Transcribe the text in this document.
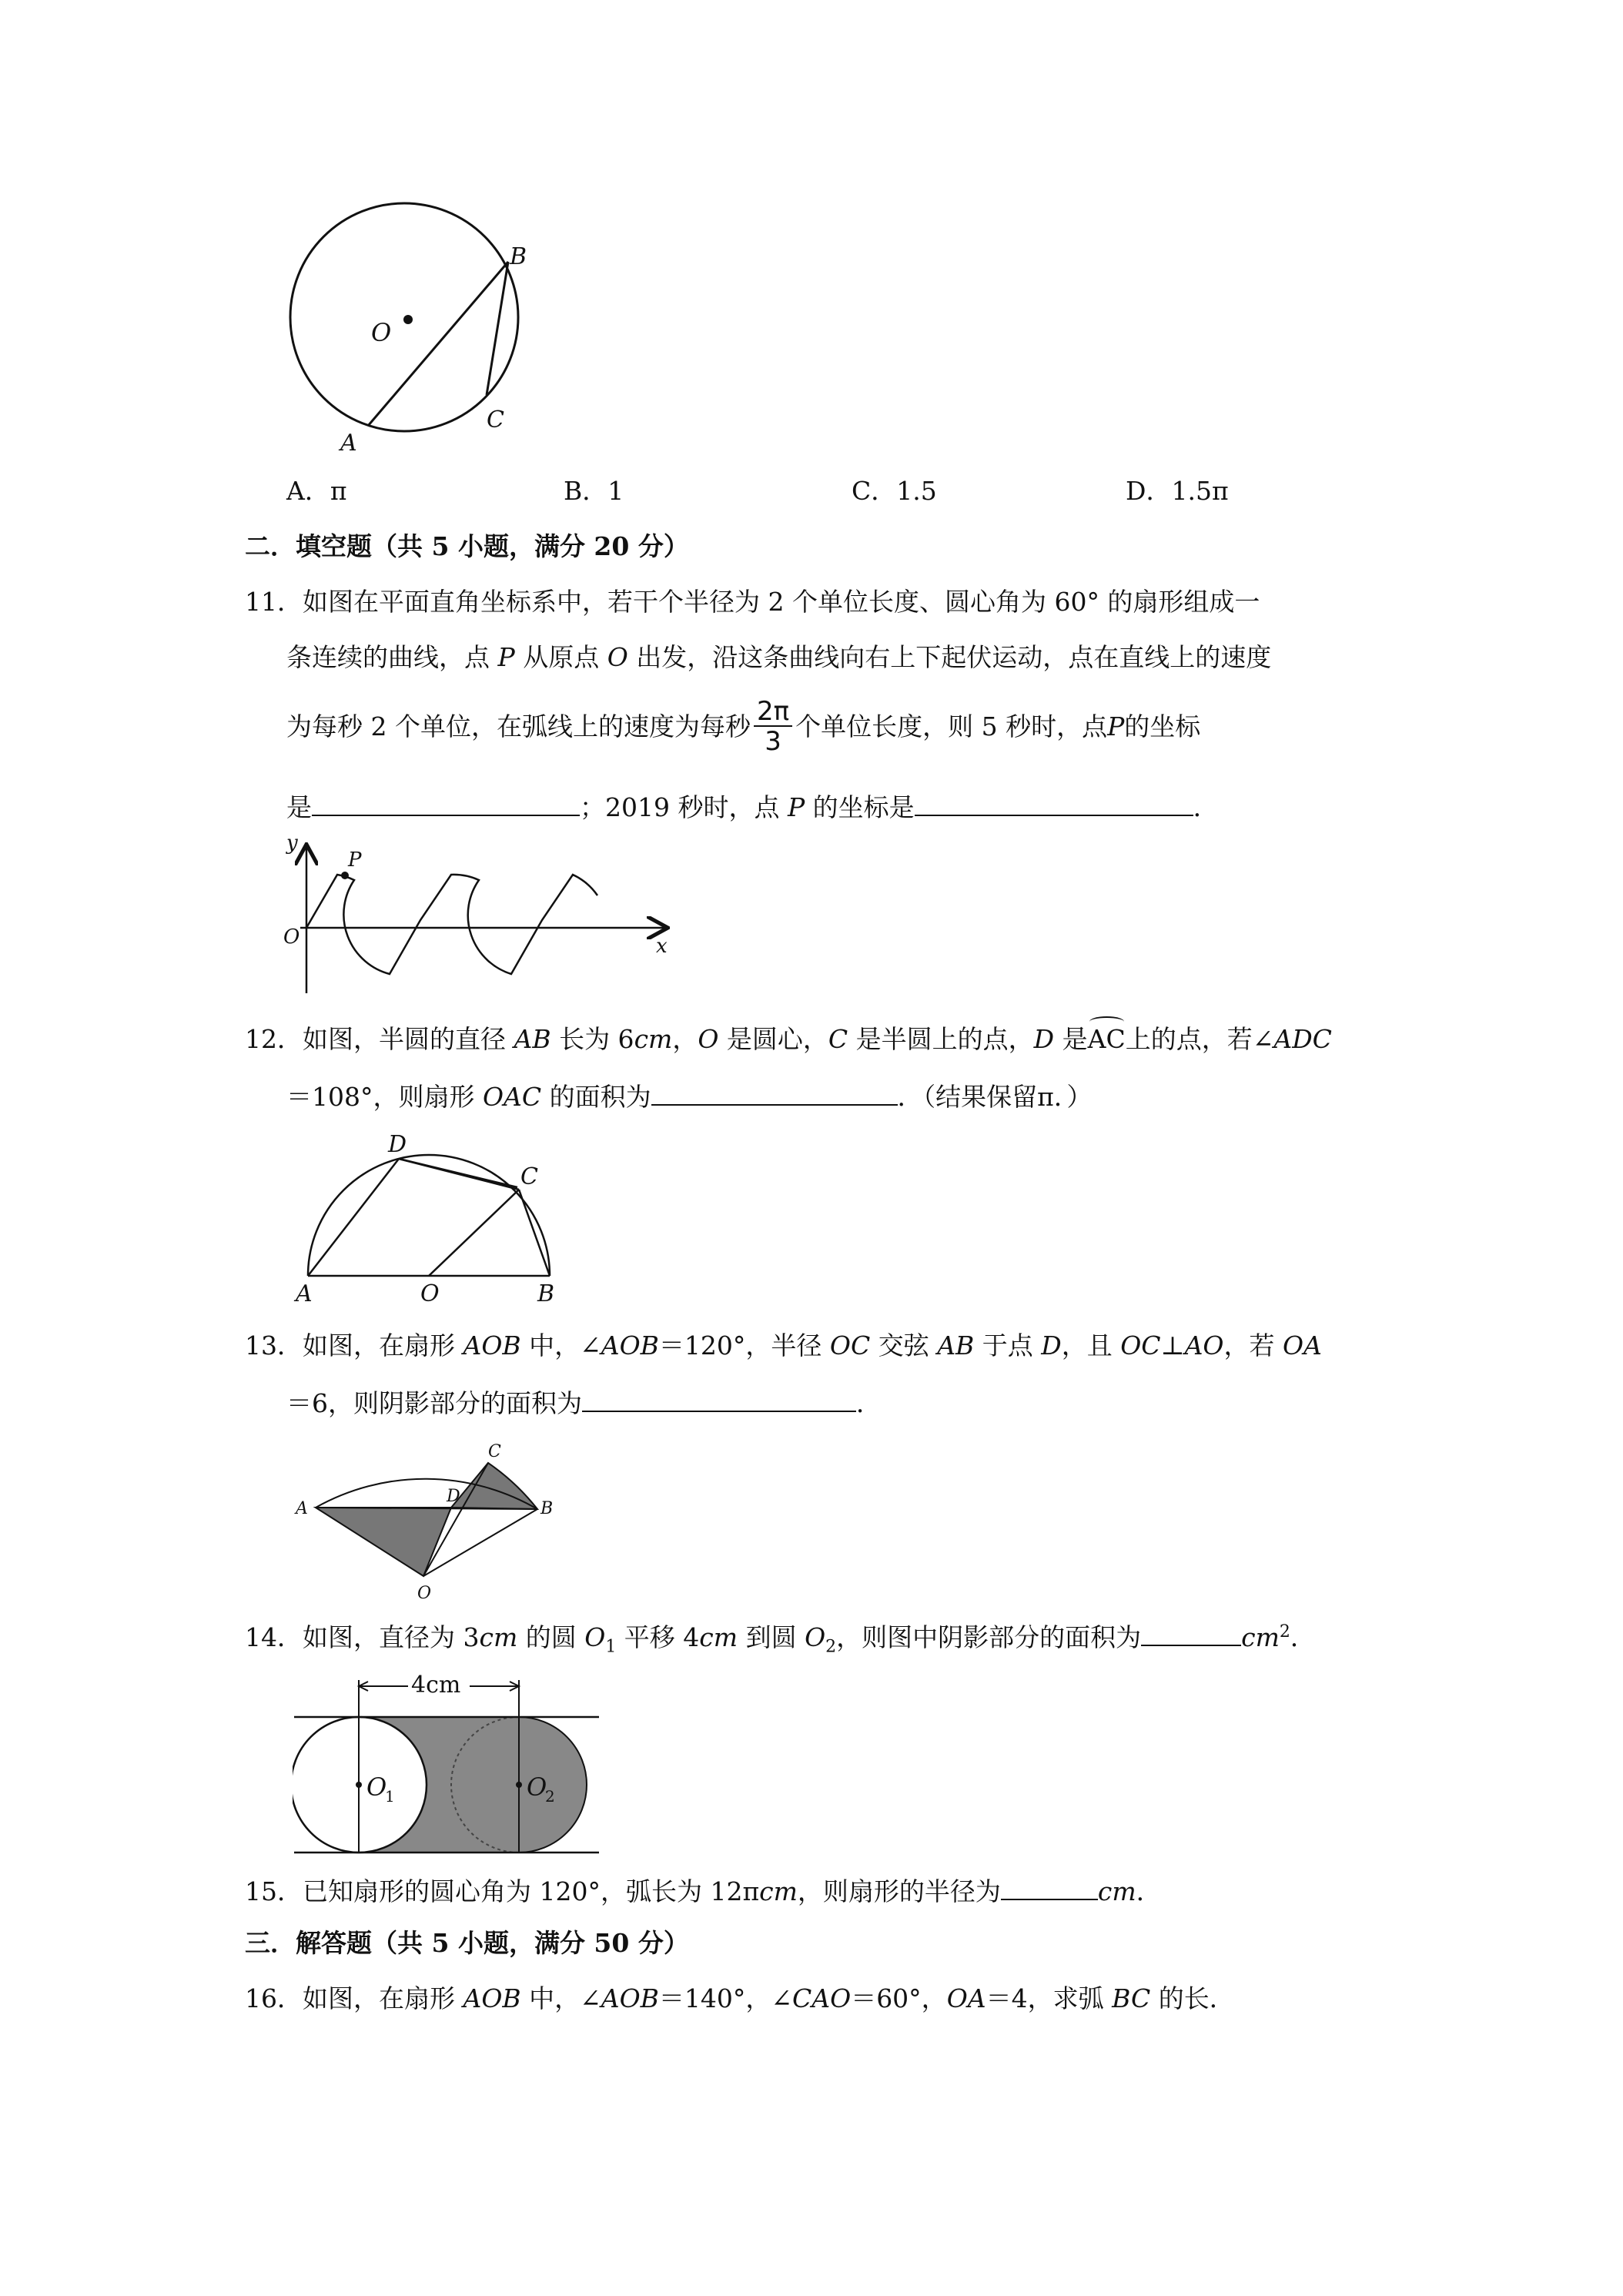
O
B
C
A
A．π	B．1	C．1.5	D．1.5π
二．填空题（共 5 小题，满分 20 分）
11．如图在平面直角坐标系中，若干个半径为 2 个单位长度、圆心角为 60° 的扇形组成一
条连续的曲线，点 P 从原点 O 出发，沿这条曲线向右上下起伏运动，点在直线上的速度
为每秒 2 个单位，在弧线上的速度为每秒 $\frac{2\pi}{3}$ 个单位长度，则 5 秒时，点 P 的坐标
是	；2019 秒时，点 P 的坐标是	．
y
P
O	x
12．如图，半圆的直径 AB 长为 6cm，O 是圆心，C 是半圆上的点，D 是AC上的点，若∠ADC
＝108°，则扇形 OAC 的面积为	．（结果保留π．）
D
C
A	O	B
13．如图，在扇形 AOB 中，∠AOB＝120°，半径 OC 交弦 AB 于点 D，且 OC⊥AO，若 OA
＝6，则阴影部分的面积为	．
A
C
D
B
O
14．如图，直径为 3cm 的圆 $O_1$ 平移 4cm 到圆 $O_2$，则图中阴影部分的面积为	$cm^2$．
4cm
O
1	O
2
15．已知扇形的圆心角为 120°，弧长为 12πcm，则扇形的半径为	cm．
三．解答题（共 5 小题，满分 50 分）
16．如图，在扇形 AOB 中，∠AOB＝140°，∠CAO＝60°，OA＝4，求弧 BC 的长．
